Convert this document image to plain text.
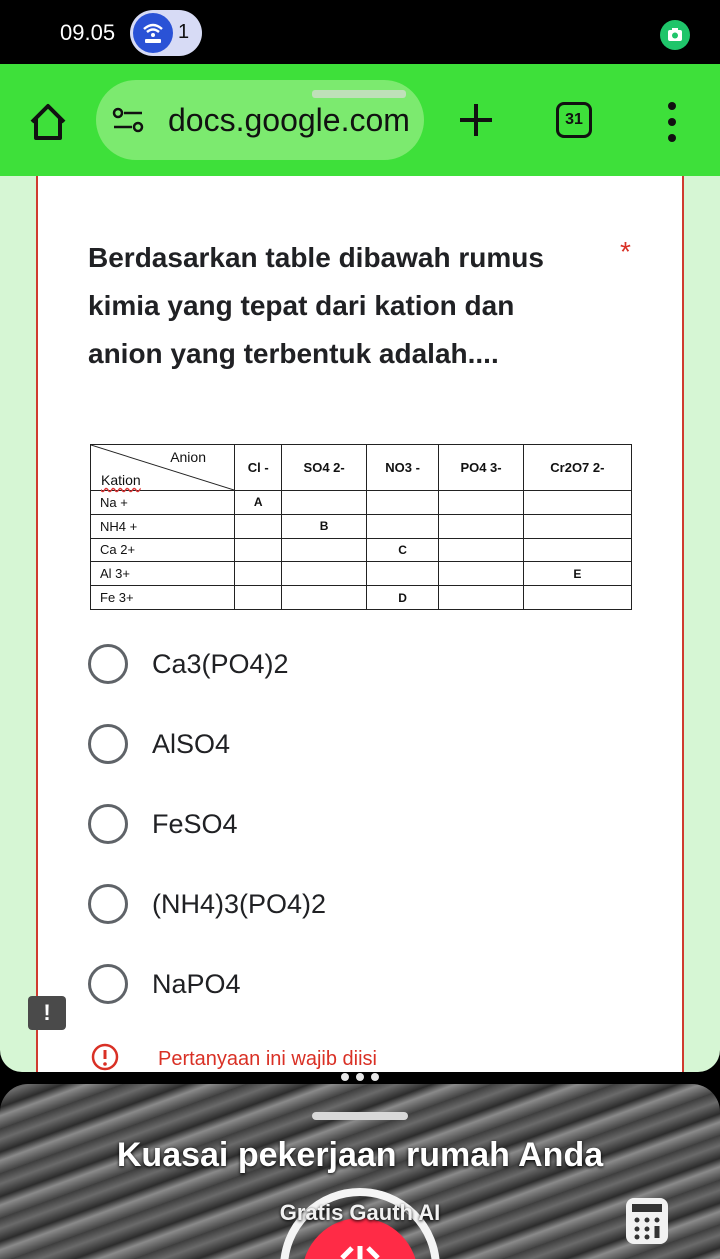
09.05	1
docs.google.com	31
Berdasarkan table dibawah rumus kimia yang tepat dari kation dan anion yang terbentuk adalah....
*
Anion
Kation	Cl -	SO4 2-	NO3 -	PO4 3-	Cr2O7 2-
Na +	A				
NH4 +		B			
Ca 2+			C		
Al 3+					E
Fe 3+			D		
Ca3(PO4)2
AlSO4
FeSO4
(NH4)3(PO4)2
NaPO4
!
Pertanyaan ini wajib diisi
Kuasai pekerjaan rumah Anda
Gratis Gauth AI
